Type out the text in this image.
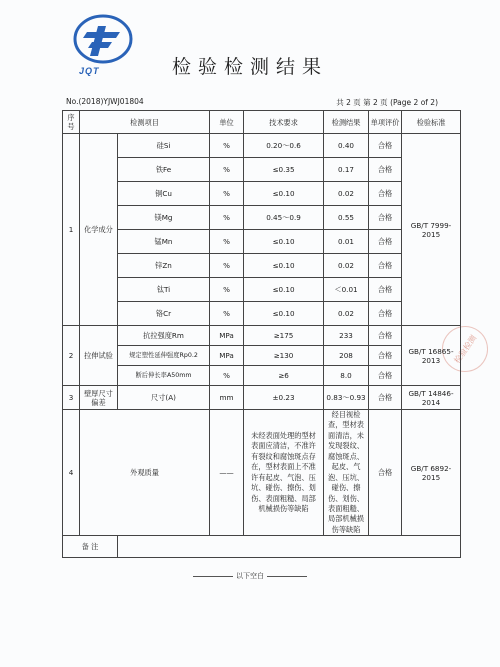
JQT	检验检测结果
No.(2018)YJWJ01804	共 2 页 第 2 页 (Page 2 of 2)
检验检测
序号	检测项目		单位	技术要求	检测结果	单项评价	检验标准
1	化学成分	硅Si	%	0.20～0.6	0.40	合格	GB/T 7999-2015
		铁Fe	%	≤0.35	0.17	合格	
		铜Cu	%	≤0.10	0.02	合格	
		镁Mg	%	0.45～0.9	0.55	合格	
		锰Mn	%	≤0.10	0.01	合格	
		锌Zn	%	≤0.10	0.02	合格	
		钛Ti	%	≤0.10	＜0.01	合格	
		铬Cr	%	≤0.10	0.02	合格	
2	拉伸试验	抗拉强度Rm	MPa	≥175	233	合格	GB/T 16865-2013
		规定塑性延伸强度Rp0.2	MPa	≥130	208	合格	
		断后伸长率A50mm	%	≥6	8.0	合格	
3	壁厚尺寸偏差	尺寸(A)	mm	±0.23	0.83～0.93	合格	GB/T 14846-2014
4	外观质量		——	未经表面处理的型材表面应清洁，不准许有裂纹和腐蚀斑点存在，型材表面上不准许有起皮、气泡、压坑、碰伤、擦伤、划伤、表面粗糙、局部机械损伤等缺陷	经目视检查，型材表面清洁，未发现裂纹、腐蚀斑点、起皮、气泡、压坑、碰伤、擦伤、划伤、表面粗糙、局部机械损伤等缺陷	合格	GB/T 6892-2015
备 注							
以下空白
